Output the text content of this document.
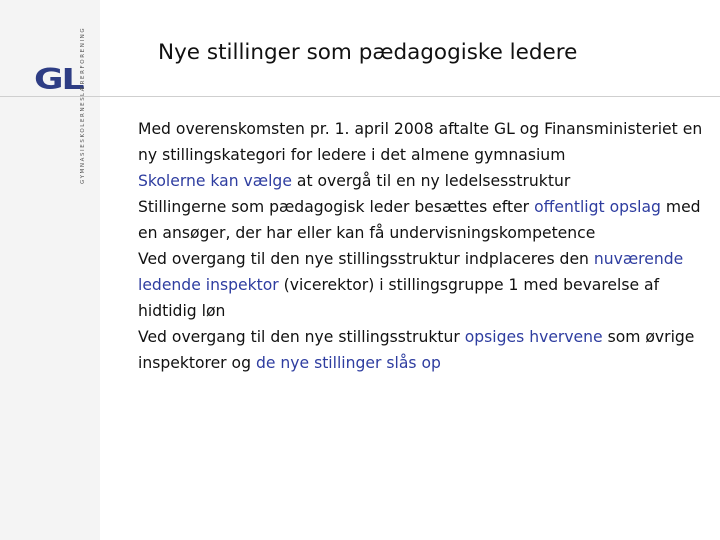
GL
LÆRERFORENING
GYMNASIESKOLERNES
Nye stillinger som pædagogiske ledere

Med overenskomsten pr. 1. april 2008 aftalte GL og Finansministeriet en ny stillingskategori for ledere i det almene gymnasium

Skolerne kan vælge at overgå til en ny ledelsesstruktur

Stillingerne som pædagogisk leder besættes efter offentligt opslag med en ansøger, der har eller kan få undervisningskompetence

Ved overgang til den nye stillingsstruktur indplaceres den nuværende ledende inspektor (vicerektor) i stillingsgruppe 1 med bevarelse af hidtidig løn

Ved overgang til den nye stillingsstruktur opsiges hvervene som øvrige inspektorer og de nye stillinger slås op
